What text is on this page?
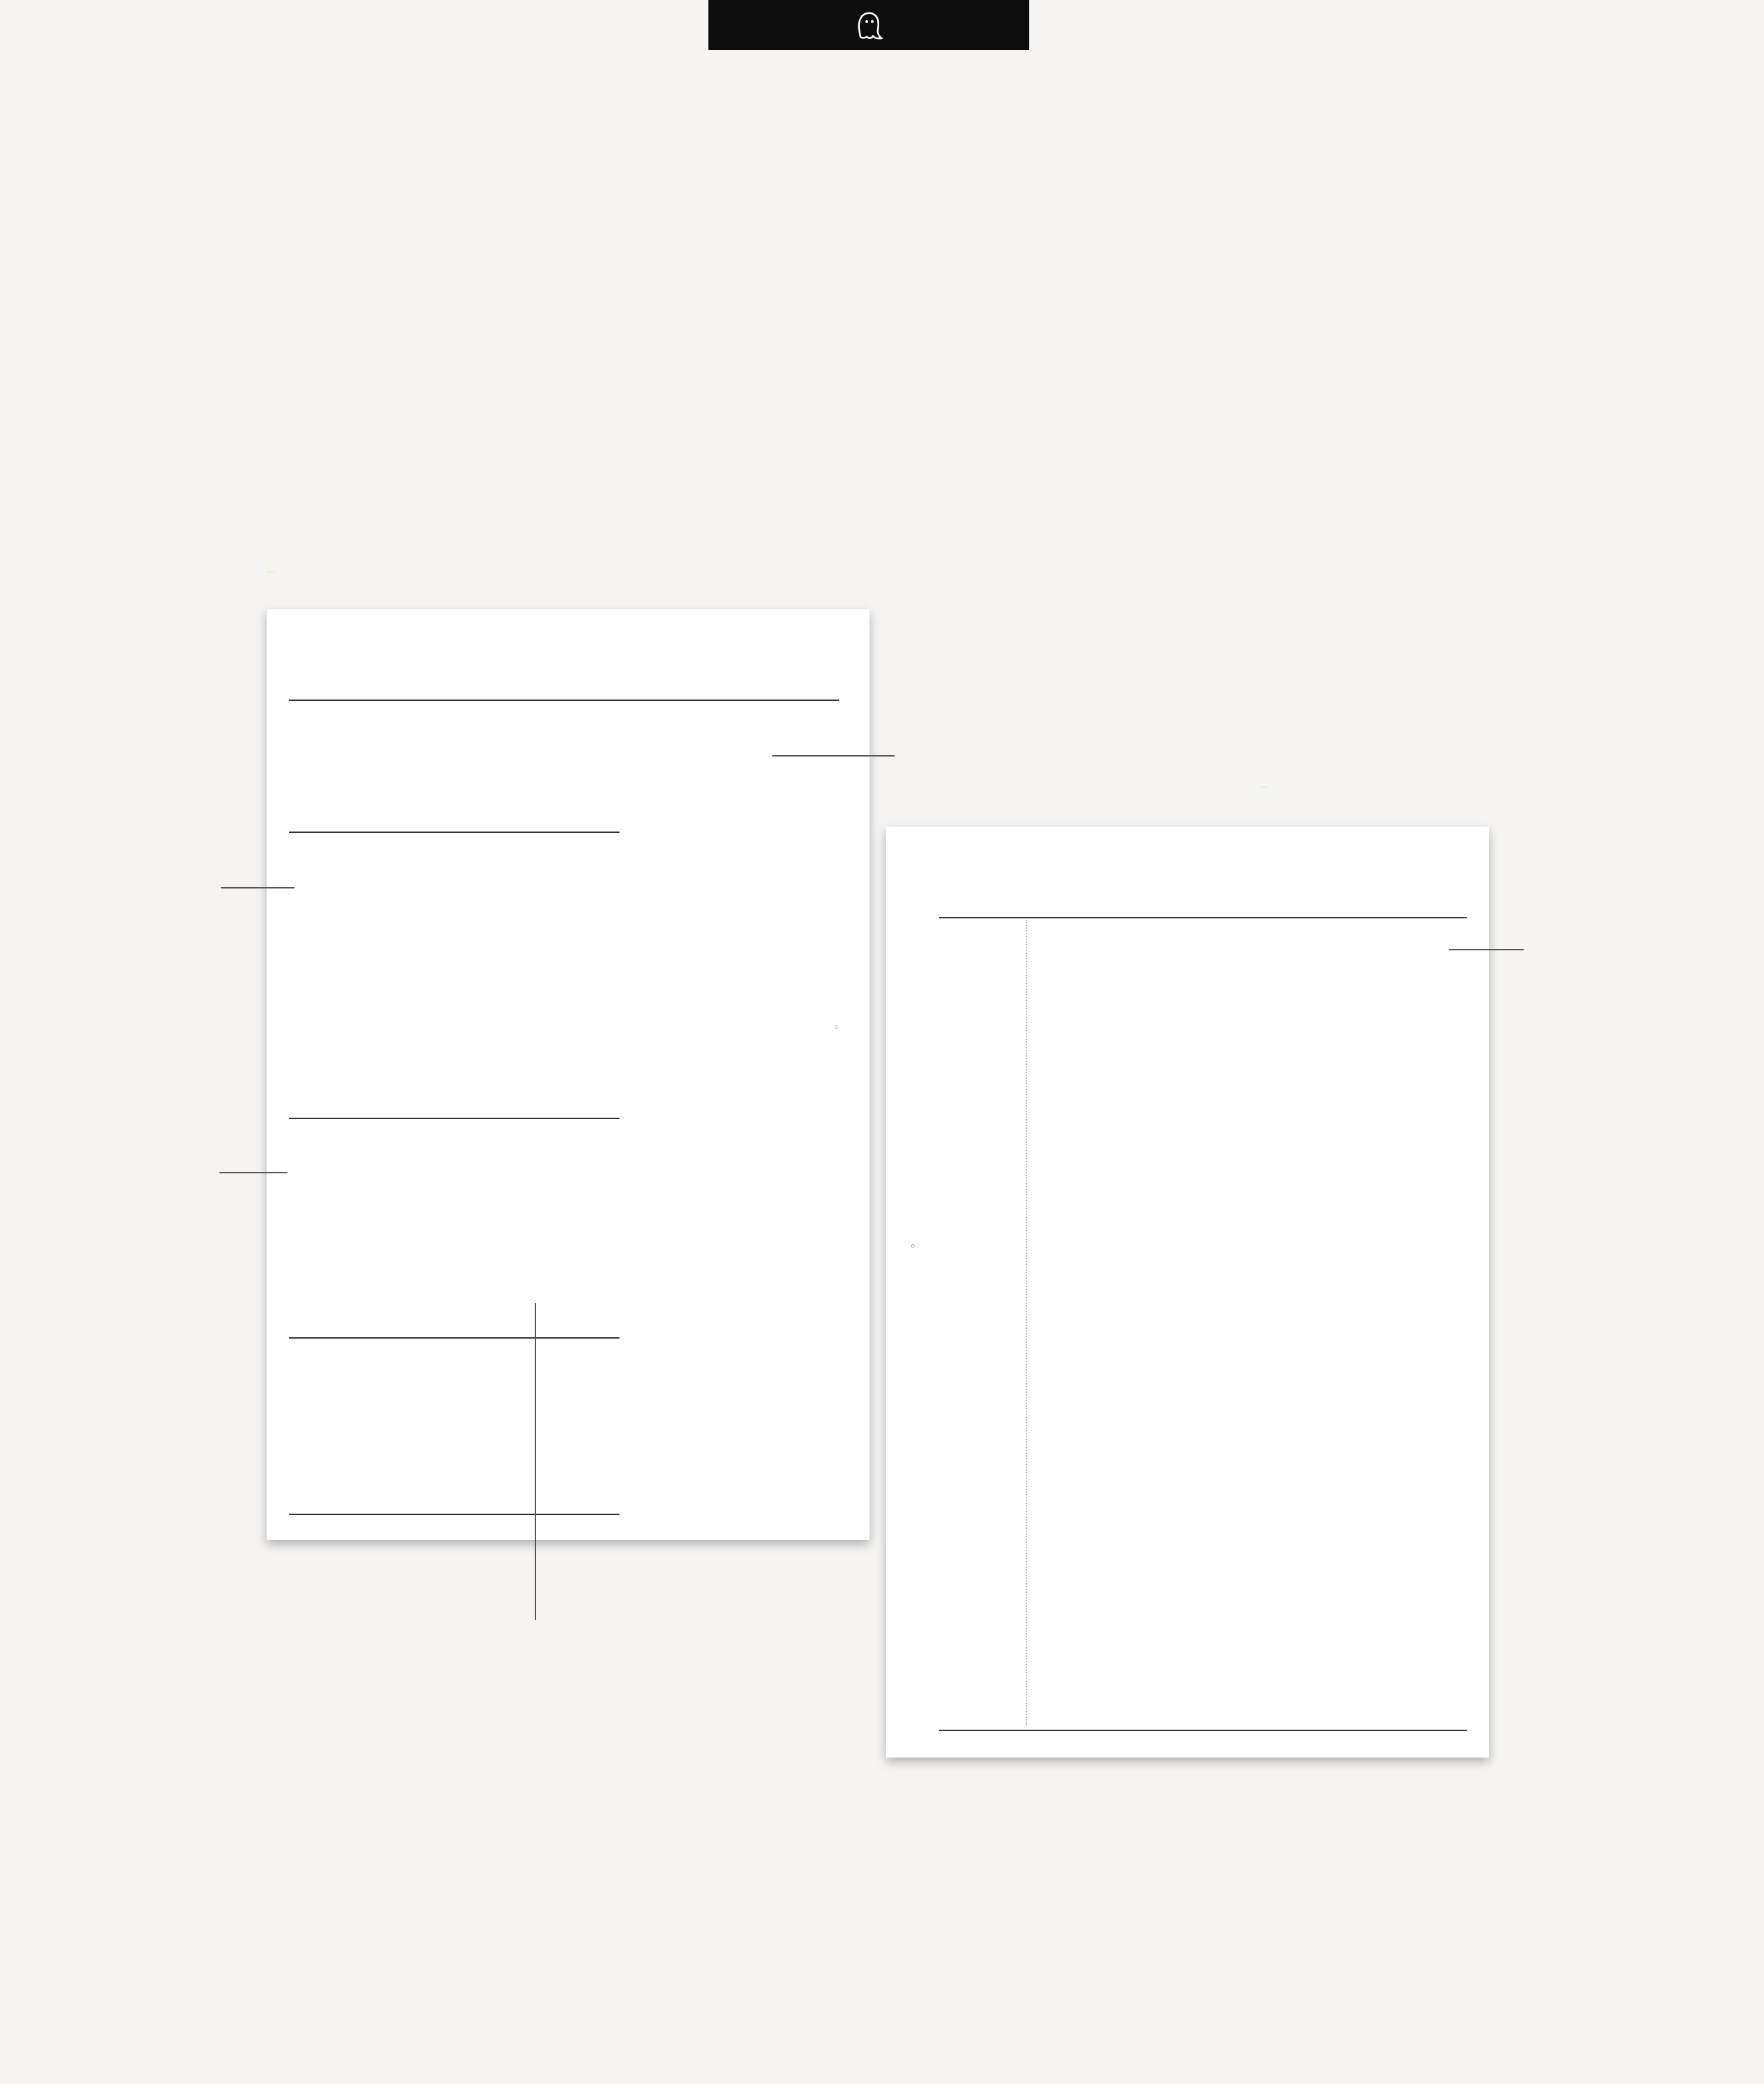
○
○
